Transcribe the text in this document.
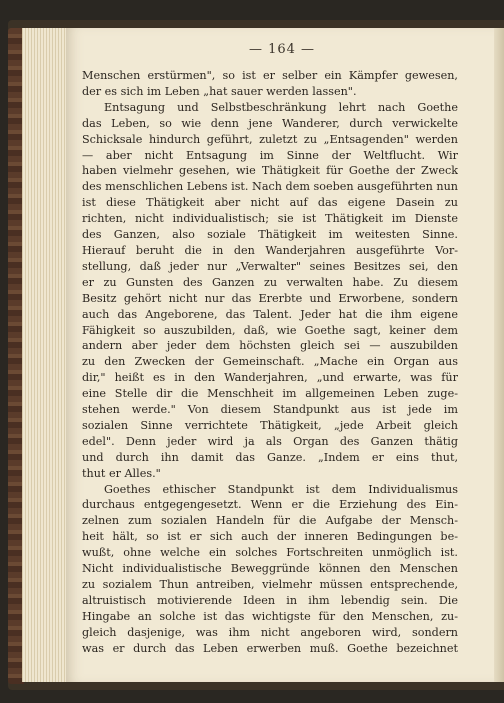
— 164 —
Menschen erstürmen", so ist er selber ein Kämpfer gewesen,
der es sich im Leben „hat sauer werden lassen".
Entsagung und Selbstbeschränkung lehrt nach Goethe
das Leben, so wie denn jene Wanderer, durch verwickelte
Schicksale hindurch geführt, zuletzt zu „Entsagenden" werden
— aber nicht Entsagung im Sinne der Weltflucht. Wir
haben vielmehr gesehen, wie Thätigkeit für Goethe der Zweck
des menschlichen Lebens ist. Nach dem soeben ausgeführten nun
ist diese Thätigkeit aber nicht auf das eigene Dasein zu
richten, nicht individualistisch; sie ist Thätigkeit im Dienste
des Ganzen, also soziale Thätigkeit im weitesten Sinne.
Hierauf beruht die in den Wanderjahren ausgeführte Vor-
stellung, daß jeder nur „Verwalter" seines Besitzes sei, den
er zu Gunsten des Ganzen zu verwalten habe. Zu diesem
Besitz gehört nicht nur das Ererbte und Erworbene, sondern
auch das Angeborene, das Talent. Jeder hat die ihm eigene
Fähigkeit so auszubilden, daß, wie Goethe sagt, keiner dem
andern aber jeder dem höchsten gleich sei — auszubilden
zu den Zwecken der Gemeinschaft. „Mache ein Organ aus
dir," heißt es in den Wanderjahren, „und erwarte, was für
eine Stelle dir die Menschheit im allgemeinen Leben zuge-
stehen werde." Von diesem Standpunkt aus ist jede im
sozialen Sinne verrichtete Thätigkeit, „jede Arbeit gleich
edel". Denn jeder wird ja als Organ des Ganzen thätig
und durch ihn damit das Ganze. „Indem er eins thut,
thut er Alles."
Goethes ethischer Standpunkt ist dem Individualismus
durchaus entgegengesetzt. Wenn er die Erziehung des Ein-
zelnen zum sozialen Handeln für die Aufgabe der Mensch-
heit hält, so ist er sich auch der inneren Bedingungen be-
wußt, ohne welche ein solches Fortschreiten unmöglich ist.
Nicht individualistische Beweggründe können den Menschen
zu sozialem Thun antreiben, vielmehr müssen entsprechende,
altruistisch motivierende Ideen in ihm lebendig sein. Die
Hingabe an solche ist das wichtigste für den Menschen, zu-
gleich dasjenige, was ihm nicht angeboren wird, sondern
was er durch das Leben erwerben muß. Goethe bezeichnet
